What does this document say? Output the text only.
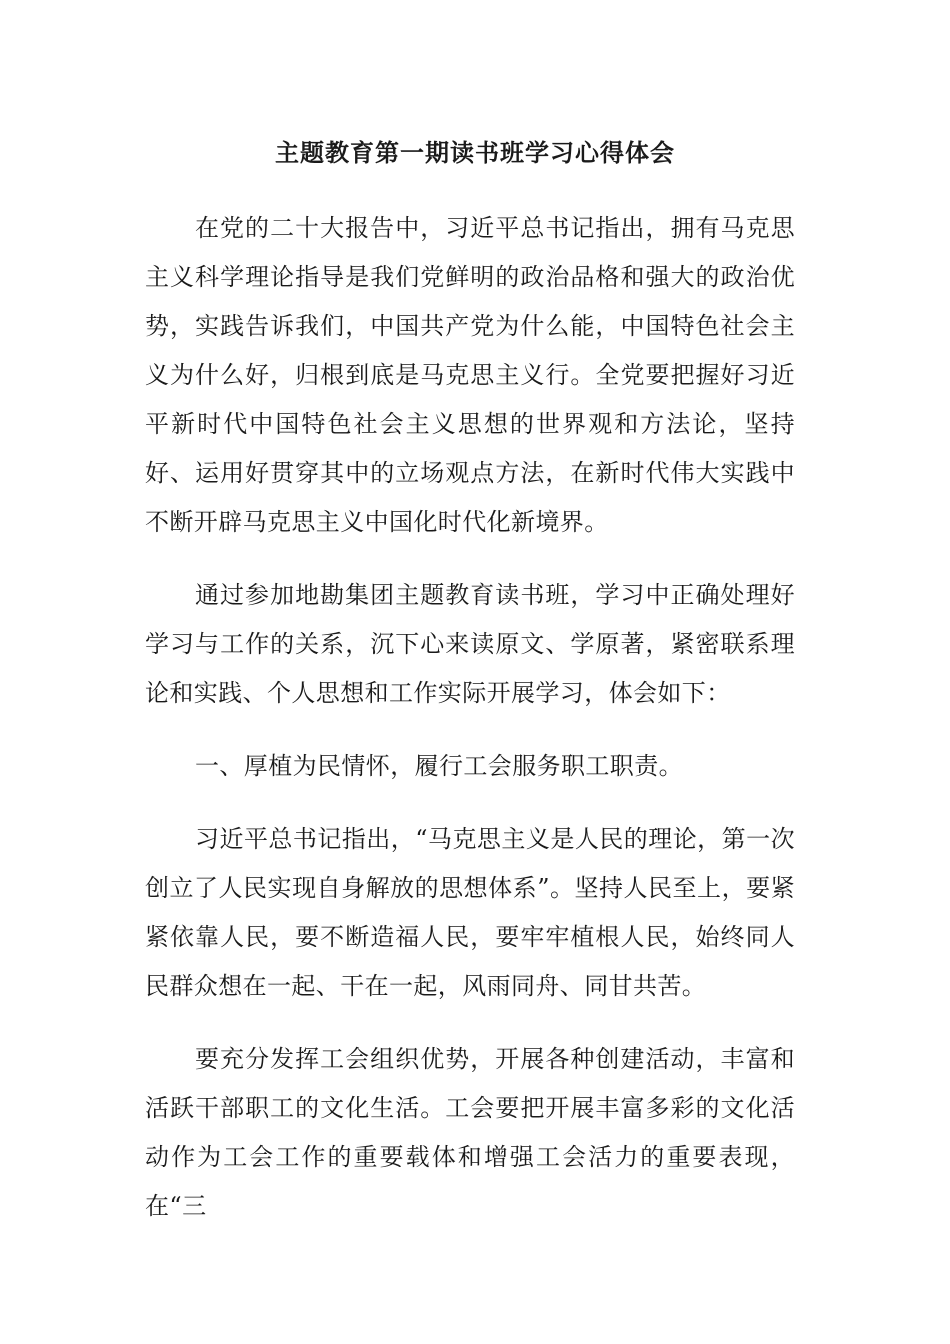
主题教育第一期读书班学习心得体会

在党的二十大报告中，习近平总书记指出，拥有马克思主义科学理论指导是我们党鲜明的政治品格和强大的政治优势，实践告诉我们，中国共产党为什么能，中国特色社会主义为什么好，归根到底是马克思主义行。全党要把握好习近平新时代中国特色社会主义思想的世界观和方法论，坚持好、运用好贯穿其中的立场观点方法，在新时代伟大实践中不断开辟马克思主义中国化时代化新境界。

通过参加地勘集团主题教育读书班，学习中正确处理好学习与工作的关系，沉下心来读原文、学原著，紧密联系理论和实践、个人思想和工作实际开展学习，体会如下：

一、厚植为民情怀，履行工会服务职工职责。

习近平总书记指出，“马克思主义是人民的理论，第一次创立了人民实现自身解放的思想体系”。坚持人民至上，要紧紧依靠人民，要不断造福人民，要牢牢植根人民，始终同人民群众想在一起、干在一起，风雨同舟、同甘共苦。

要充分发挥工会组织优势，开展各种创建活动，丰富和活跃干部职工的文化生活。工会要把开展丰富多彩的文化活动作为工会工作的重要载体和增强工会活力的重要表现，在“三
